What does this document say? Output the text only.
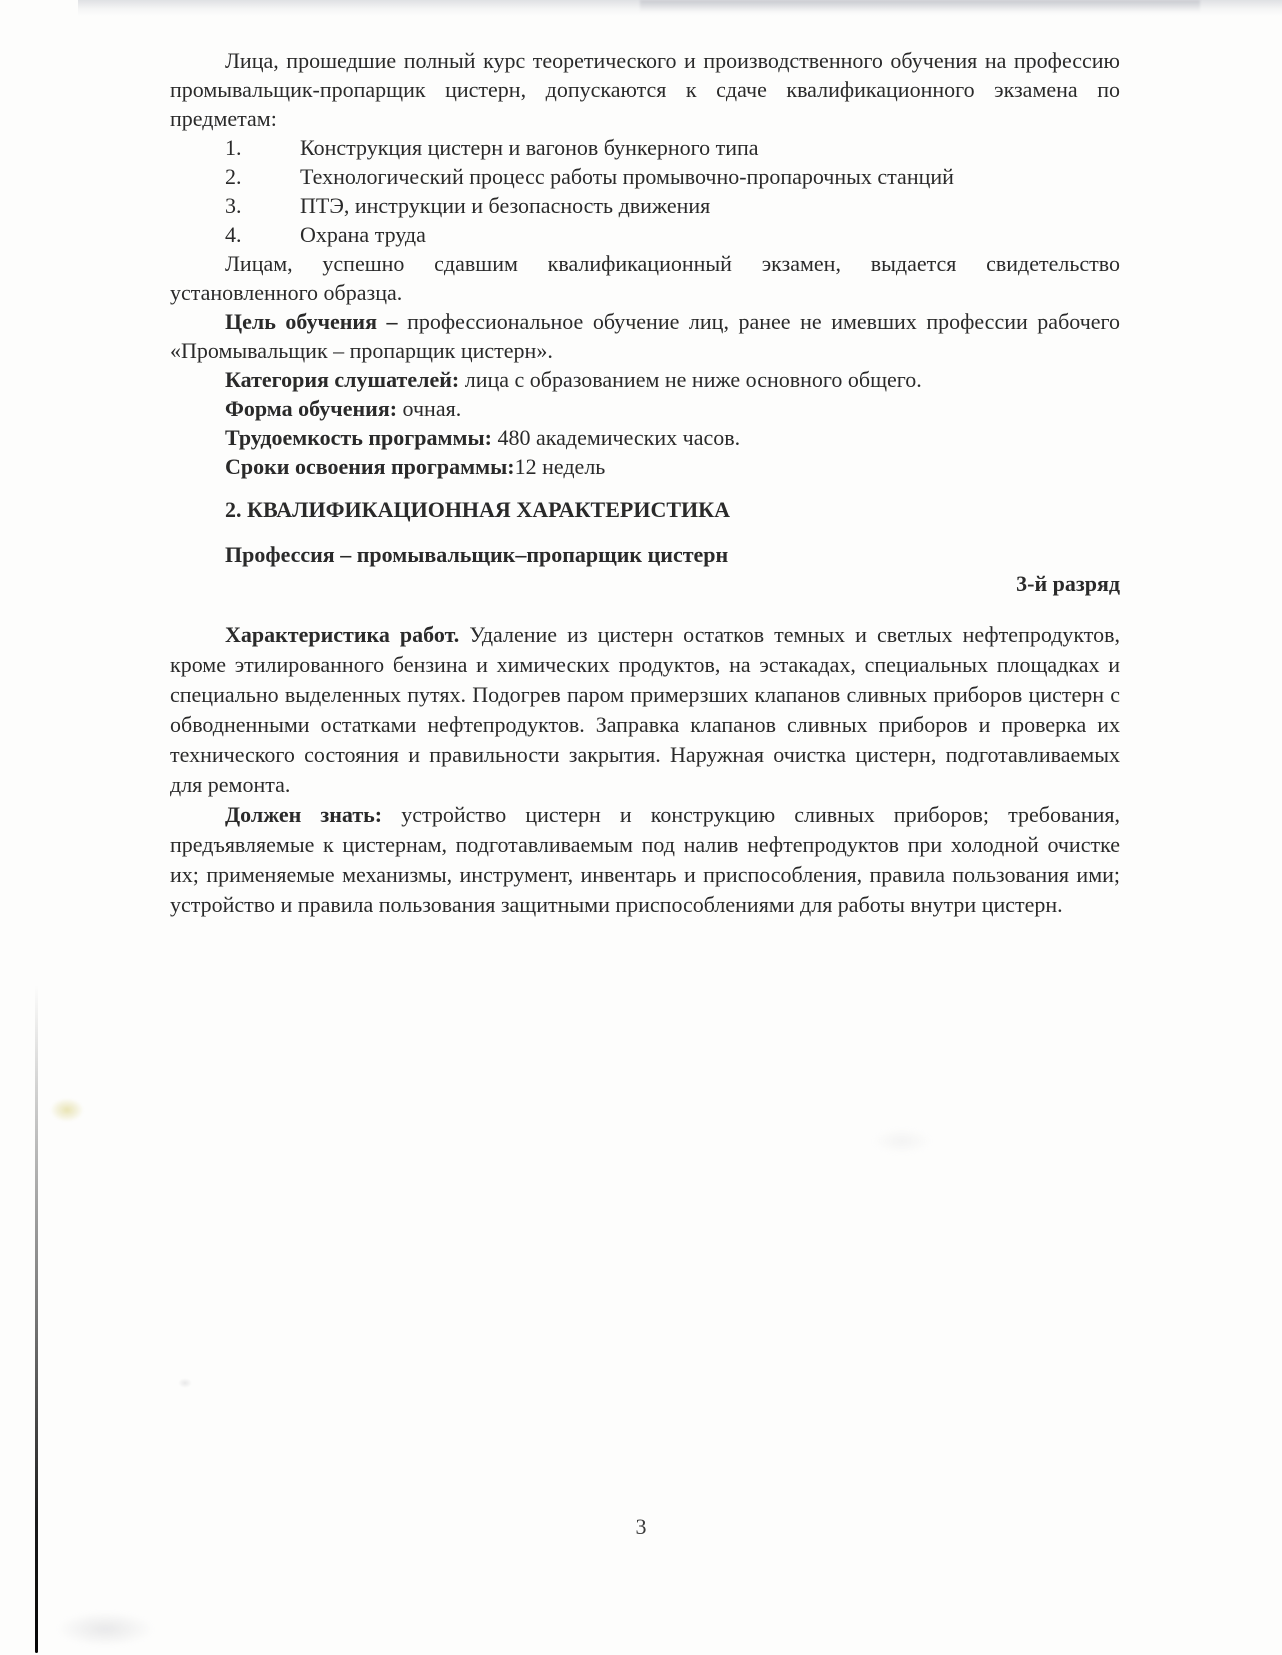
Лица, прошедшие полный курс теоретического и производственного обучения на профессию промывальщик-пропарщик цистерн, допускаются к сдаче квалификационного экзамена по предметам:

1.	Конструкция цистерн и вагонов бункерного типа
2.	Технологический процесс работы промывочно-пропарочных станций
3.	ПТЭ, инструкции и безопасность движения
4.	Охрана труда

Лицам, успешно сдавшим квалификационный экзамен, выдается свидетельство установленного образца.

Цель обучения – профессиональное обучение лиц, ранее не имевших профессии рабочего «Промывальщик – пропарщик цистерн».

Категория слушателей: лица с образованием не ниже основного общего.

Форма обучения: очная.

Трудоемкость программы: 480 академических часов.

Сроки освоения программы:12 недель

2. КВАЛИФИКАЦИОННАЯ ХАРАКТЕРИСТИКА

Профессия – промывальщик–пропарщик цистерн

3-й разряд

Характеристика работ. Удаление из цистерн остатков темных и светлых нефтепродуктов, кроме этилированного бензина и химических продуктов, на эстакадах, специальных площадках и специально выделенных путях. Подогрев паром примерзших клапанов сливных приборов цистерн с обводненными остатками нефтепродуктов. Заправка клапанов сливных приборов и проверка их технического состояния и правильности закрытия. Наружная очистка цистерн, подготавливаемых для ремонта.

Должен знать: устройство цистерн и конструкцию сливных приборов; требования, предъявляемые к цистернам, подготавливаемым под налив нефтепродуктов при холодной очистке их; применяемые механизмы, инструмент, инвентарь и приспособления, правила пользования ими; устройство и правила пользования защитными приспособлениями для работы внутри цистерн.

3
